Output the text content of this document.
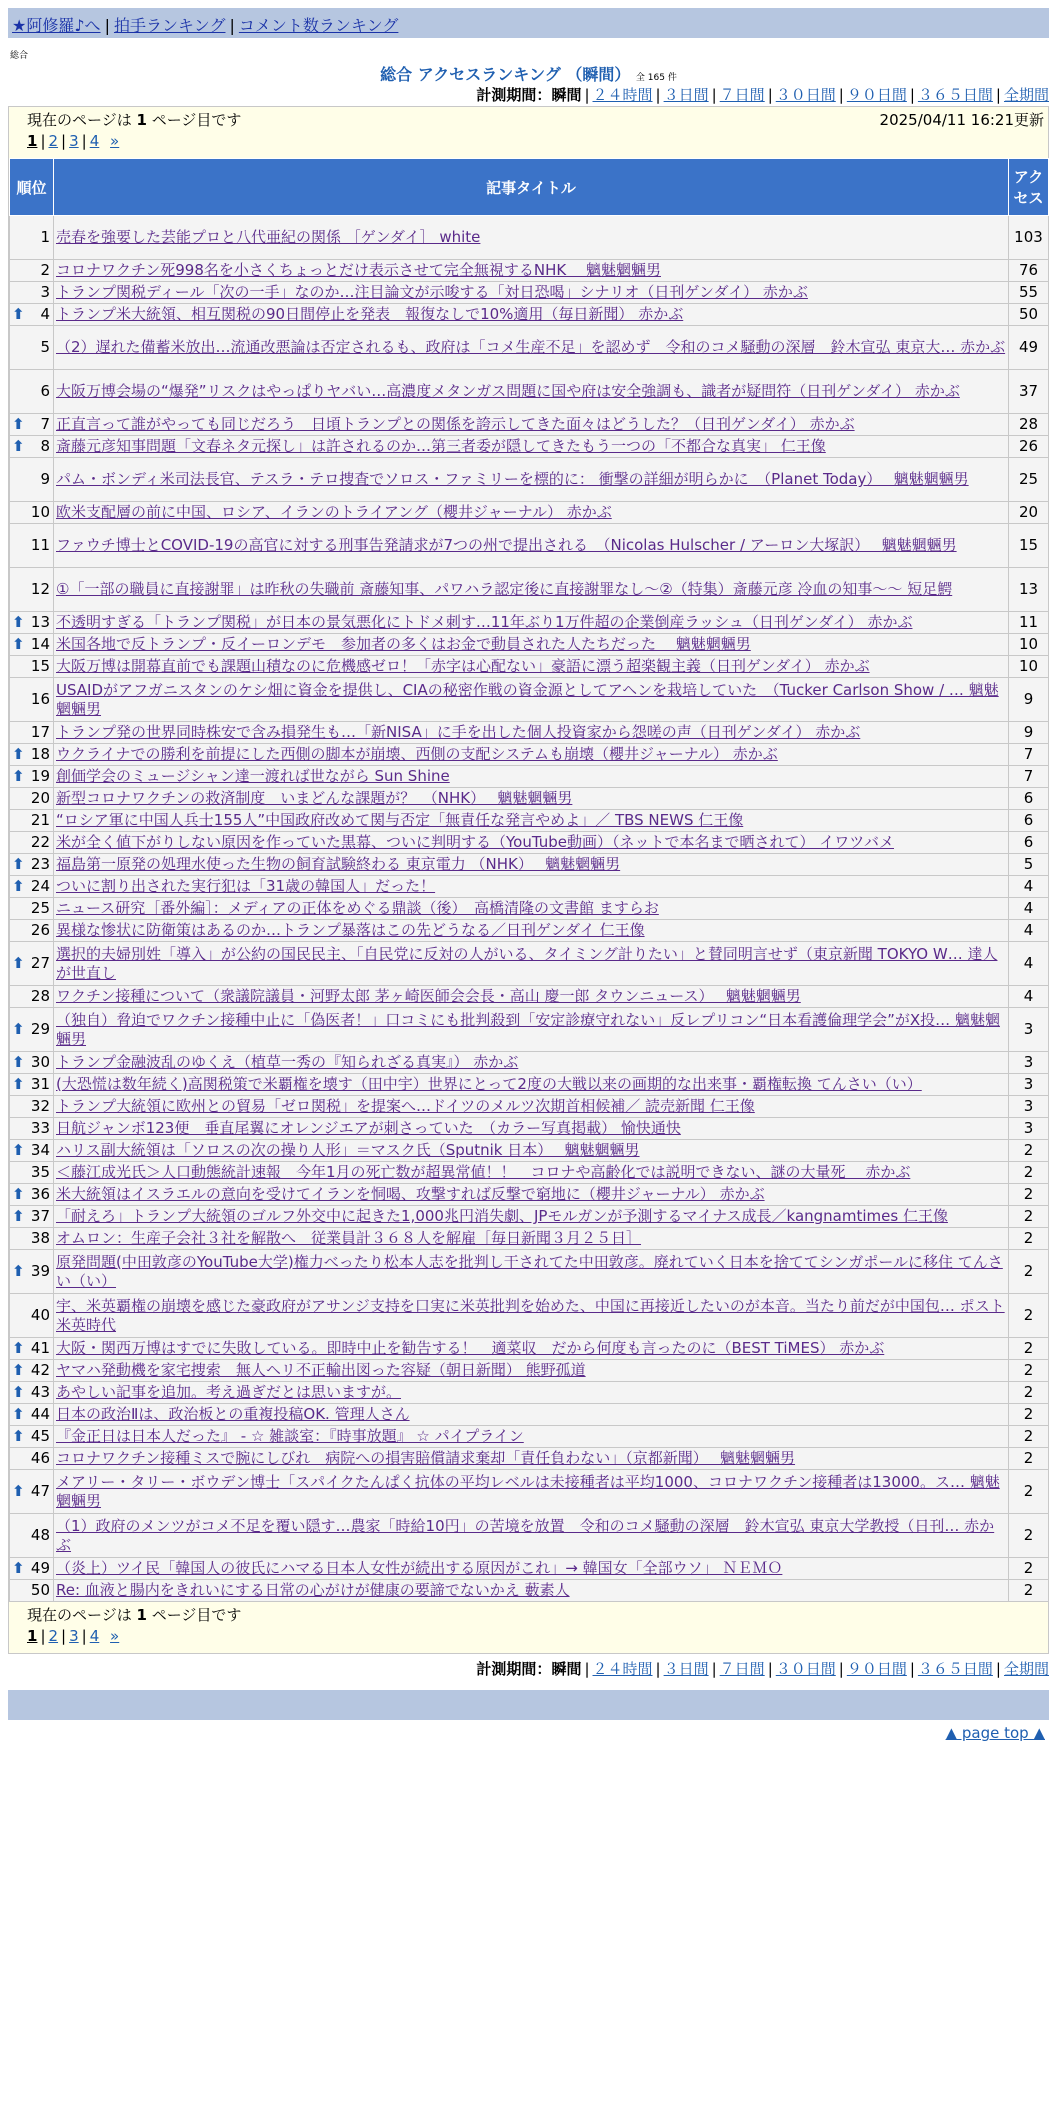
★阿修羅♪へ | 拍手ランキング | コメント数ランキング
総合
総合 アクセスランキング （瞬間） 全 165 件
計測期間：瞬間 | ２４時間 | ３日間 | ７日間 | ３０日間 | ９０日間 | ３６５日間 | 全期間
現在のページは 1 ページ目です	2025/04/11 16:21更新
1 | 2 | 3 | 4 »
順位	記事タイトル	アクセス
1	売春を強要した芸能プロと八代亜紀の関係 ［ゲンダイ］ white	103
2	コロナワクチン死998名を小さくちょっとだけ表示させて完全無視するNHK　 魑魅魍魎男	76
3	トランプ関税ディール「次の一手」なのか…注目論文が示唆する「対日恐喝」シナリオ（日刊ゲンダイ） 赤かぶ	55

⬆ 4	トランプ米大統領、相互関税の90日間停止を発表　報復なしで10%適用（毎日新聞） 赤かぶ	50
5	（2）遅れた備蓄米放出…流通改悪論は否定されるも、政府は「コメ生産不足」を認めず　令和のコメ騒動の深層　鈴木宣弘 東京大… 赤かぶ	49
6	大阪万博会場の“爆発”リスクはやっぱりヤバい…高濃度メタンガス問題に国や府は安全強調も、識者が疑問符（日刊ゲンダイ） 赤かぶ	37

⬆ 7	正直言って誰がやっても同じだろう　日頃トランプとの関係を誇示してきた面々はどうした？（日刊ゲンダイ） 赤かぶ	28

⬆ 8	斎藤元彦知事問題「文春ネタ元探し」は許されるのか…第三者委が隠してきたもう一つの「不都合な真実」 仁王像	26
9	パム・ボンディ米司法長官、テスラ・テロ捜査でソロス・ファミリーを標的に： 衝撃の詳細が明らかに　（Planet Today）　 魑魅魍魎男	25
10	欧米支配層の前に中国、ロシア、イランのトライアング（櫻井ジャーナル） 赤かぶ	20
11	ファウチ博士とCOVID-19の高官に対する刑事告発請求が7つの州で提出される　（Nicolas Hulscher / アーロン大塚訳）　 魑魅魍魎男	15
12	①「一部の職員に直接謝罪」は昨秋の失職前 斎藤知事、パワハラ認定後に直接謝罪なし〜②（特集）斎藤元彦 冷血の知事〜〜 短足鰐	13

⬆ 13	不透明すぎる「トランプ関税」が日本の景気悪化にトドメ刺す…11年ぶり1万件超の企業倒産ラッシュ（日刊ゲンダイ） 赤かぶ	11

⬆ 14	米国各地で反トランプ・反イーロンデモ　参加者の多くはお金で動員された人たちだった　 魑魅魍魎男	10
15	大阪万博は開幕直前でも課題山積なのに危機感ゼロ！「赤字は心配ない」豪語に漂う超楽観主義（日刊ゲンダイ） 赤かぶ	10
16	USAIDがアフガニスタンのケシ畑に資金を提供し、CIAの秘密作戦の資金源としてアヘンを栽培していた　（Tucker Carlson Show / … 魑魅魍魎男	9
17	トランプ発の世界同時株安で含み損発生も…「新NISA」に手を出した個人投資家から怨嗟の声（日刊ゲンダイ） 赤かぶ	9

⬆ 18	ウクライナでの勝利を前提にした西側の脚本が崩壊、西側の支配システムも崩壊（櫻井ジャーナル） 赤かぶ	7

⬆ 19	創価学会のミュージシャン達一渡れば世ながら Sun Shine	7
20	新型コロナワクチンの救済制度　いまどんな課題が？　（NHK）　 魑魅魍魎男	6
21	“ロシア軍に中国人兵士155人”中国政府改めて関与否定「無責任な発言やめよ」／ TBS NEWS 仁王像	6
22	米が全く値下がりしない原因を作っていた黒幕、ついに判明する（YouTube動画）（ネットで本名まで晒されて） イワツバメ	6

⬆ 23	福島第一原発の処理水使った生物の飼育試験終わる 東京電力 （NHK）　 魑魅魍魎男	5

⬆ 24	ついに割り出された実行犯は「31歳の韓国人」だった！	4
25	ニュース研究［番外編］：メディアの正体をめぐる鼎談（後）　高橋清隆の文書館 ますらお	4
26	異様な惨状に防衛策はあるのか…トランプ暴落はこの先どうなる／日刊ゲンダイ 仁王像	4

⬆ 27	選択的夫婦別姓「導入」が公約の国民民主、「自民党に反対の人がいる、タイミング計りたい」と賛同明言せず（東京新聞 TOKYO W… 達人が世直し	4
28	ワクチン接種について（衆議院議員・河野太郎 茅ヶ崎医師会会長・高山 慶一郎 タウンニュース）　 魑魅魍魎男	4

⬆ 29	（独自）脅迫でワクチン接種中止に「偽医者！」口コミにも批判殺到「安定診療守れない」反レプリコン“日本看護倫理学会”がX投… 魑魅魍魎男	3

⬆ 30	トランプ金融波乱のゆくえ（植草一秀の『知られざる真実』） 赤かぶ	3

⬆ 31	(大恐慌は数年続く)高関税策で米覇権を壊す（田中宇）世界にとって2度の大戦以来の画期的な出来事・覇権転換 てんさい（い）	3
32	トランプ大統領に欧州との貿易「ゼロ関税」を提案へ…ドイツのメルツ次期首相候補／ 読売新聞 仁王像	3
33	日航ジャンボ123便　垂直尾翼にオレンジエアが刺さっていた　（カラー写真掲載） 愉快通快	3

⬆ 34	ハリス副大統領は「ソロスの次の操り人形」＝マスク氏（Sputnik 日本）　 魑魅魍魎男	2
35	＜藤江成光氏＞人口動態統計速報　今年1月の死亡数が超異常値！！　コロナや高齢化では説明できない、謎の大量死　 赤かぶ	2

⬆ 36	米大統領はイスラエルの意向を受けてイランを恫喝、攻撃すれば反撃で窮地に（櫻井ジャーナル） 赤かぶ	2

⬆ 37	「耐えろ」トランプ大統領のゴルフ外交中に起きた1,000兆円消失劇、JPモルガンが予測するマイナス成長／kangnamtimes 仁王像	2
38	オムロン：生産子会社３社を解散へ　従業員計３６８人を解雇［毎日新聞３月２５日］	2

⬆ 39	原発問題(中田敦彦のYouTube大学)権力べったり松本人志を批判し干されてた中田敦彦。廃れていく日本を捨ててシンガポールに移住 てんさい（い）	2
40	宇、米英覇権の崩壊を感じた豪政府がアサンジ支持を口実に米英批判を始めた、中国に再接近したいのが本音。当たり前だが中国包… ポスト米英時代	2

⬆ 41	大阪・関西万博はすでに失敗している。即時中止を勧告する！　適菜収　だから何度も言ったのに（BEST TiMES） 赤かぶ	2

⬆ 42	ヤマハ発動機を家宅捜索　無人ヘリ不正輸出図った容疑（朝日新聞） 熊野孤道	2

⬆ 43	あやしい記事を追加。考え過ぎだとは思いますが。	2

⬆ 44	日本の政治Ⅱは、政治板との重複投稿OK. 管理人さん	2

⬆ 45	『金正日は日本人だった』 - ☆ 雑談室：『時事放題』 ☆ パイプライン	2
46	コロナワクチン接種ミスで腕にしびれ　病院への損害賠償請求棄却「責任負わない」（京都新聞）　 魑魅魍魎男	2

⬆ 47	メアリー・タリー・ボウデン博士「スパイクたんぱく抗体の平均レベルは未接種者は平均1000、コロナワクチン接種者は13000。ス… 魑魅魍魎男	2
48	（1）政府のメンツがコメ不足を覆い隠す…農家「時給10円」の苦境を放置　令和のコメ騒動の深層　鈴木宣弘 東京大学教授（日刊… 赤かぶ	2

⬆ 49	（炎上）ツイ民「韓国人の彼氏にハマる日本人女性が続出する原因がこれ」→ 韓国女「全部ウソ」 ＮＥＭＯ	2
50	Re: 血液と腸内をきれいにする日常の心がけが健康の要諦でないかえ 藪素人	2
現在のページは 1 ページ目です
1 | 2 | 3 | 4 »
計測期間：瞬間 | ２４時間 | ３日間 | ７日間 | ３０日間 | ９０日間 | ３６５日間 | 全期間
▲ page top ▲
